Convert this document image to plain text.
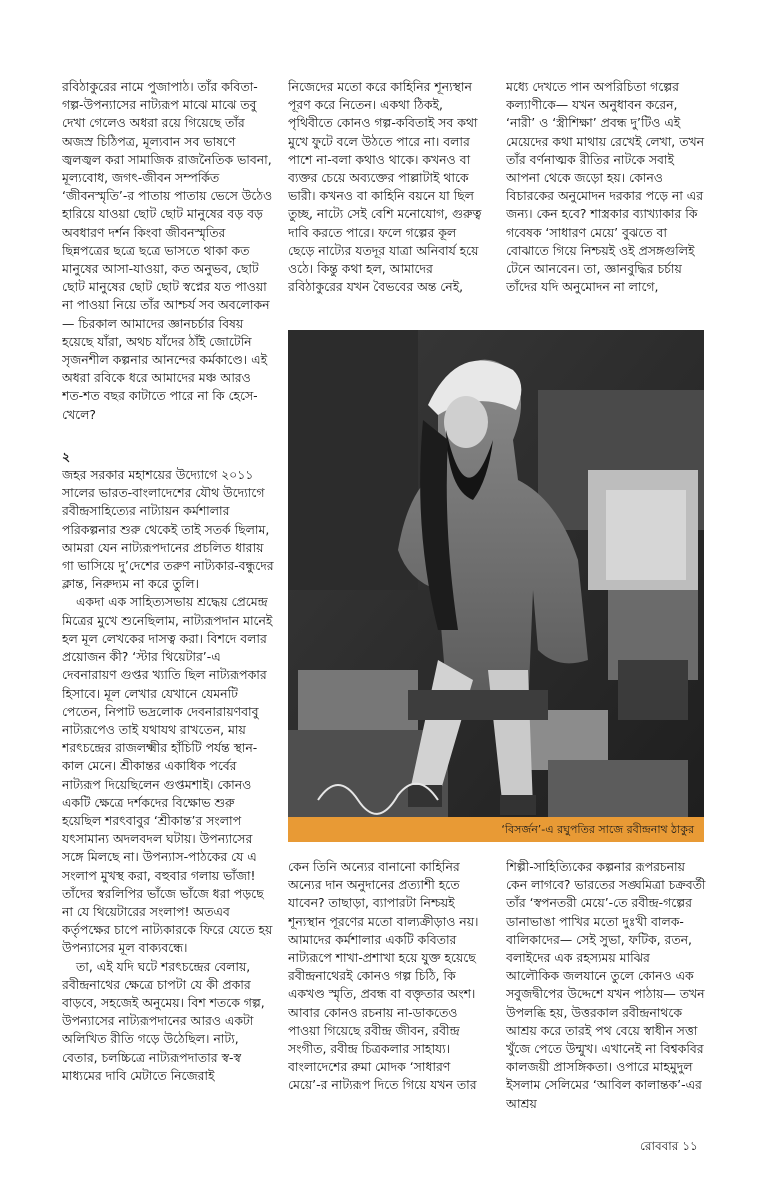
রবিঠাকুরের নামে পুজাপাঠ। তাঁর কবিতা-গল্প-উপন্যাসের নাট্যরূপ মাঝে মাঝে তবু দেখা গেলেও অধরা রয়ে গিয়েছে তাঁর অজস্র চিঠিপত্র, মূল্যবান সব ভাষণে জ্বলজ্বল করা সামাজিক রাজনৈতিক ভাবনা, মূল্যবোধ, জগৎ-জীবন সম্পর্কিত ‘জীবনস্মৃতি’-র পাতায় পাতায় ভেসে উঠেও হারিয়ে যাওয়া ছোট ছোট মানুষের বড় বড় অবধারণ দর্শন কিংবা জীবনস্মৃতির ছিন্নপত্রের ছত্রে ছত্রে ভাসতে থাকা কত মানুষের আসা-যাওয়া, কত অনুভব, ছোট ছোট মানুষের ছোট ছোট স্বপ্নের যত পাওয়া না পাওয়া নিয়ে তাঁর আশ্চর্য সব অবলোকন— চিরকাল আমাদের জ্ঞানচর্চার বিষয় হয়েছে যাঁরা, অথচ যাঁদের ঠাঁই জোটেনি সৃজনশীল কল্পনার আনন্দের কর্মকাণ্ডে। এই অধরা রবিকে ধরে আমাদের মঞ্চ আরও শত-শত বছর কাটাতে পারে না কি হেসে-খেলে?

২

জহর সরকার মহাশয়ের উদ্যোগে ২০১১ সালের ভারত-বাংলাদেশের যৌথ উদ্যোগে রবীন্দ্রসাহিত্যের নাট্যায়ন কর্মশালার পরিকল্পনার শুরু থেকেই তাই সতর্ক ছিলাম, আমরা যেন নাট্যরূপদানের প্রচলিত ধারায় গা ভাসিয়ে দু’দেশের তরুণ নাট্যকার-বন্ধুদের ক্লান্ত, নিরুদ্যম না করে তুলি।

একদা এক সাহিত্যসভায় শ্রদ্ধেয় প্রেমেন্দ্র মিত্রের মুখে শুনেছিলাম, নাট্যরূপদান মানেই হল মূল লেখকের দাসত্ব করা। বিশদে বলার প্রয়োজন কী? ‘স্টার থিয়েটার’-এ দেবনারায়ণ গুপ্তর খ্যাতি ছিল নাট্যরূপকার হিসাবে। মূল লেখার যেখানে যেমনটি পেতেন, নিপাট ভদ্রলোক দেবনারায়ণবাবু নাট্যরূপেও তাই যথাযথ রাখতেন, মায় শরৎচন্দ্রের রাজলক্ষ্মীর হাঁচিটি পর্যন্ত স্থান-কাল মেনে। শ্রীকান্তর একাধিক পর্বের নাট্যরূপ দিয়েছিলেন গুপ্তমশাই। কোনও একটি ক্ষেত্রে দর্শকদের বিক্ষোভ শুরু হয়েছিল শরৎবাবুর ‘শ্রীকান্ত’র সংলাপ যৎসামান্য অদলবদল ঘটায়। উপন্যাসের সঙ্গে মিলছে না। উপন্যাস-পাঠকের যে এ সংলাপ মুখস্থ করা, বহুবার গলায় ভাঁজা! তাঁদের স্বরলিপির ভাঁজে ভাঁজে ধরা পড়ছে না যে থিয়েটারের সংলাপ! অতএব কর্তৃপক্ষের চাপে নাট্যকারকে ফিরে যেতে হয় উপন্যাসের মূল বাক্যবন্ধে।

তা, এই যদি ঘটে শরৎচন্দ্রের বেলায়, রবীন্দ্রনাথের ক্ষেত্রে চাপটা যে কী প্রকার বাড়বে, সহজেই অনুমেয়। বিশ শতকে গল্প, উপন্যাসের নাট্যরূপদানের আরও একটা অলিখিত রীতি গড়ে উঠেছিল। নাট্য, বেতার, চলচ্চিত্রে নাট্যরূপদাতার স্ব-স্ব মাধ্যমের দাবি মেটাতে নিজেরাই

নিজেদের মতো করে কাহিনির শূন্যস্থান পূরণ করে নিতেন। একথা ঠিকই, পৃথিবীতে কোনও গল্প-কবিতাই সব কথা মুখে ফুটে বলে উঠতে পারে না। বলার পাশে না-বলা কথাও থাকে। কখনও বা ব্যক্তর চেয়ে অব্যক্তের পাল্লাটাই থাকে ভারী। কখনও বা কাহিনি বয়নে যা ছিল তুচ্ছ, নাট্যে সেই বেশি মনোযোগ, গুরুত্ব দাবি করতে পারে। ফলে গল্পের কূল ছেড়ে নাট্যের যতদূর যাত্রা অনিবার্য হয়ে ওঠে। কিন্তু কথা হল, আমাদের রবিঠাকুরের যখন বৈভবের অন্ত নেই,

মধ্যে দেখতে পান অপরিচিতা গল্পের কল্যাণীকে— যখন অনুধাবন করেন, ‘নারী’ ও ‘স্ত্রীশিক্ষা’ প্রবন্ধ দু’টিও এই মেয়েদের কথা মাথায় রেখেই লেখা, তখন তাঁর বর্ণনাত্মক রীতির নাটকে সবাই আপনা থেকে জড়ো হয়। কোনও বিচারকের অনুমোদন দরকার পড়ে না এর জন্য। কেন হবে? শাস্ত্রকার ব্যাখ্যাকার কি গবেষক ‘সাধারণ মেয়ে’ বুঝতে বা বোঝাতে গিয়ে নিশ্চয়ই ওই প্রসঙ্গগুলিই টেনে আনবেন। তা, জ্ঞানবুদ্ধির চর্চায় তাঁদের যদি অনুমোদন না লাগে,

‘বিসর্জন’-এ রঘুপতির সাজে রবীন্দ্রনাথ ঠাকুর

কেন তিনি অন্যের বানানো কাহিনির অন্যের দান অনুদানের প্রত্যাশী হতে যাবেন? তাছাড়া, ব্যাপারটা নিশ্চয়ই শূন্যস্থান পূরণের মতো বাল্যক্রীড়াও নয়। আমাদের কর্মশালার একটি কবিতার নাট্যরূপে শাখা-প্রশাখা হয়ে যুক্ত হয়েছে রবীন্দ্রনাথেরই কোনও গল্প চিঠি, কি একখণ্ড স্মৃতি, প্রবন্ধ বা বক্তৃতার অংশ। আবার কোনও রচনায় না-ডাকতেও পাওয়া গিয়েছে রবীন্দ্র জীবন, রবীন্দ্র সংগীত, রবীন্দ্র চিত্রকলার সাহায্য। বাংলাদেশের রুমা মোদক ‘সাধারণ মেয়ে’-র নাট্যরূপ দিতে গিয়ে যখন তার

শিল্পী-সাহিত্যিকের কল্পনার রূপরচনায় কেন লাগবে? ভারতের সঙ্ঘমিত্রা চক্রবর্তী তাঁর ‘স্বপনতরী মেয়ে’-তে রবীন্দ্র-গল্পের ডানাভাঙা পাখির মতো দুঃখী বালক-বালিকাদের— সেই সুভা, ফটিক, রতন, বলাইদের এক রহস্যময় মাঝির আলৌকিক জলযানে তুলে কোনও এক সবুজদ্বীপের উদ্দেশে যখন পাঠায়— তখন উপলব্ধি হয়, উত্তরকাল রবীন্দ্রনাথকে আশ্রয় করে তারই পথ বেয়ে স্বাধীন সত্তা খুঁজে পেতে উন্মুখ। এখানেই না বিশ্বকবির কালজয়ী প্রাসঙ্গিকতা। ওপারে মাহমুদুল ইসলাম সেলিমের ‘আবিল কালান্তক’-এর আশ্রয়

রোববার ১১
